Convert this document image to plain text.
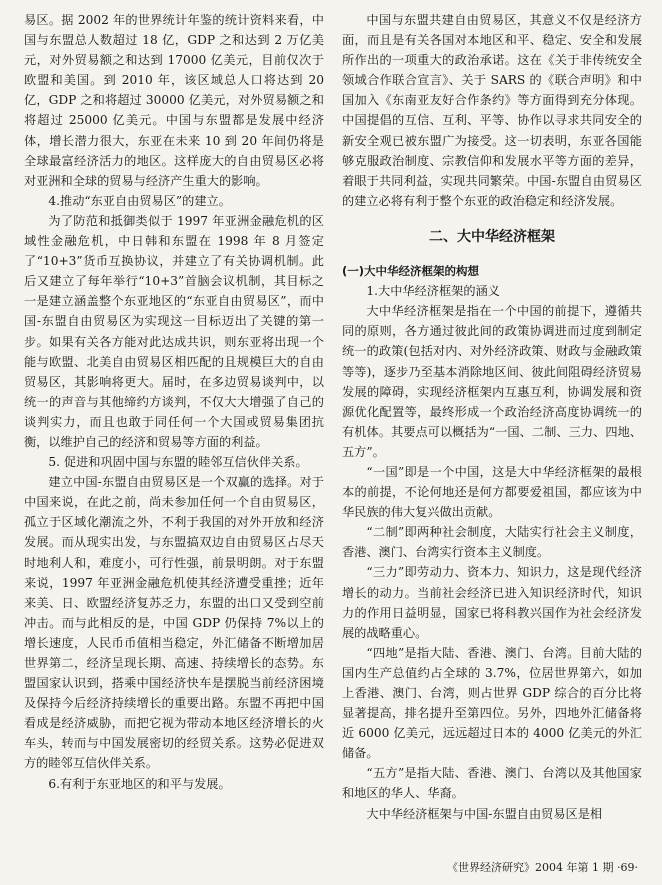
易区。据 2002 年的世界统计年鉴的统计资料来看，中国与东盟总人数超过 18 亿，GDP 之和达到 2 万亿美元，对外贸易额之和达到 17000 亿美元，目前仅次于欧盟和美国。到 2010 年，该区域总人口将达到 20 亿，GDP 之和将超过 30000 亿美元，对外贸易额之和将超过 25000 亿美元。中国与东盟都是发展中经济体，增长潜力很大，东亚在未来 10 到 20 年间仍将是全球最富经济活力的地区。这样庞大的自由贸易区必将对亚洲和全球的贸易与经济产生重大的影响。

4.推动“东亚自由贸易区”的建立。

为了防范和抵御类似于 1997 年亚洲金融危机的区域性金融危机，中日韩和东盟在 1998 年 8 月签定了“10+3”货币互换协议，并建立了有关协调机制。此后又建立了每年举行“10+3”首脑会议机制，其目标之一是建立涵盖整个东亚地区的“东亚自由贸易区”，而中国-东盟自由贸易区为实现这一目标迈出了关键的第一步。如果有关各方能对此达成共识，则东亚将出现一个能与欧盟、北美自由贸易区相匹配的且规模巨大的自由贸易区，其影响将更大。届时，在多边贸易谈判中，以统一的声音与其他缔约方谈判，不仅大大增强了自己的谈判实力，而且也敢于同任何一个大国或贸易集团抗衡，以维护自己的经济和贸易等方面的利益。

5. 促进和巩固中国与东盟的睦邻互信伙伴关系。

建立中国-东盟自由贸易区是一个双赢的选择。对于中国来说，在此之前，尚未参加任何一个自由贸易区，孤立于区域化潮流之外，不利于我国的对外开放和经济发展。而从现实出发，与东盟搞双边自由贸易区占尽天时地利人和，难度小，可行性强，前景明朗。对于东盟来说，1997 年亚洲金融危机使其经济遭受重挫；近年来美、日、欧盟经济复苏乏力，东盟的出口又受到空前冲击。而与此相反的是，中国 GDP 仍保持 7%以上的增长速度，人民币币值相当稳定，外汇储备不断增加居世界第二，经济呈现长期、高速、持续增长的态势。东盟国家认识到，搭乘中国经济快车是摆脱当前经济困境及保持今后经济持续增长的重要出路。东盟不再把中国看成是经济威胁，而把它视为带动本地区经济增长的火车头，转而与中国发展密切的经贸关系。这势必促进双方的睦邻互信伙伴关系。

6.有利于东亚地区的和平与发展。

中国与东盟共建自由贸易区，其意义不仅是经济方面，而且是有关各国对本地区和平、稳定、安全和发展所作出的一项重大的政治承诺。这在《关于非传统安全领域合作联合宣言》、关于 SARS 的《联合声明》和中国加入《东南亚友好合作条约》等方面得到充分体现。中国提倡的互信、互利、平等、协作以寻求共同安全的新安全观已被东盟广为接受。这一切表明，东亚各国能够克服政治制度、宗教信仰和发展水平等方面的差异，着眼于共同利益，实现共同繁荣。中国-东盟自由贸易区的建立必将有利于整个东亚的政治稳定和经济发展。

二、大中华经济框架

(一)大中华经济框架的构想

1.大中华经济框架的涵义

大中华经济框架是指在一个中国的前提下，遵循共同的原则，各方通过彼此间的政策协调进而过度到制定统一的政策(包括对内、对外经济政策、财政与金融政策等等)，逐步乃至基本消除地区间、彼此间阻碍经济贸易发展的障碍，实现经济框架内互惠互利，协调发展和资源优化配置等，最终形成一个政治经济高度协调统一的有机体。其要点可以概括为“一国、二制、三力、四地、五方”。

“一国”即是一个中国，这是大中华经济框架的最根本的前提，不论何地还是何方都要爱祖国，都应该为中华民族的伟大复兴做出贡献。

“二制”即两种社会制度，大陆实行社会主义制度，香港、澳门、台湾实行资本主义制度。

“三力”即劳动力、资本力、知识力，这是现代经济增长的动力。当前社会经济已进入知识经济时代，知识力的作用日益明显，国家已将科教兴国作为社会经济发展的战略重心。

“四地”是指大陆、香港、澳门、台湾。目前大陆的国内生产总值约占全球的 3.7%，位居世界第六，如加上香港、澳门、台湾，则占世界 GDP 综合的百分比将显著提高，排名提升至第四位。另外，四地外汇储备将近 6000 亿美元，远远超过日本的 4000 亿美元的外汇储备。

“五方”是指大陆、香港、澳门、台湾以及其他国家和地区的华人、华裔。

大中华经济框架与中国-东盟自由贸易区是相

《世界经济研究》2004 年第 1 期 ·69·
